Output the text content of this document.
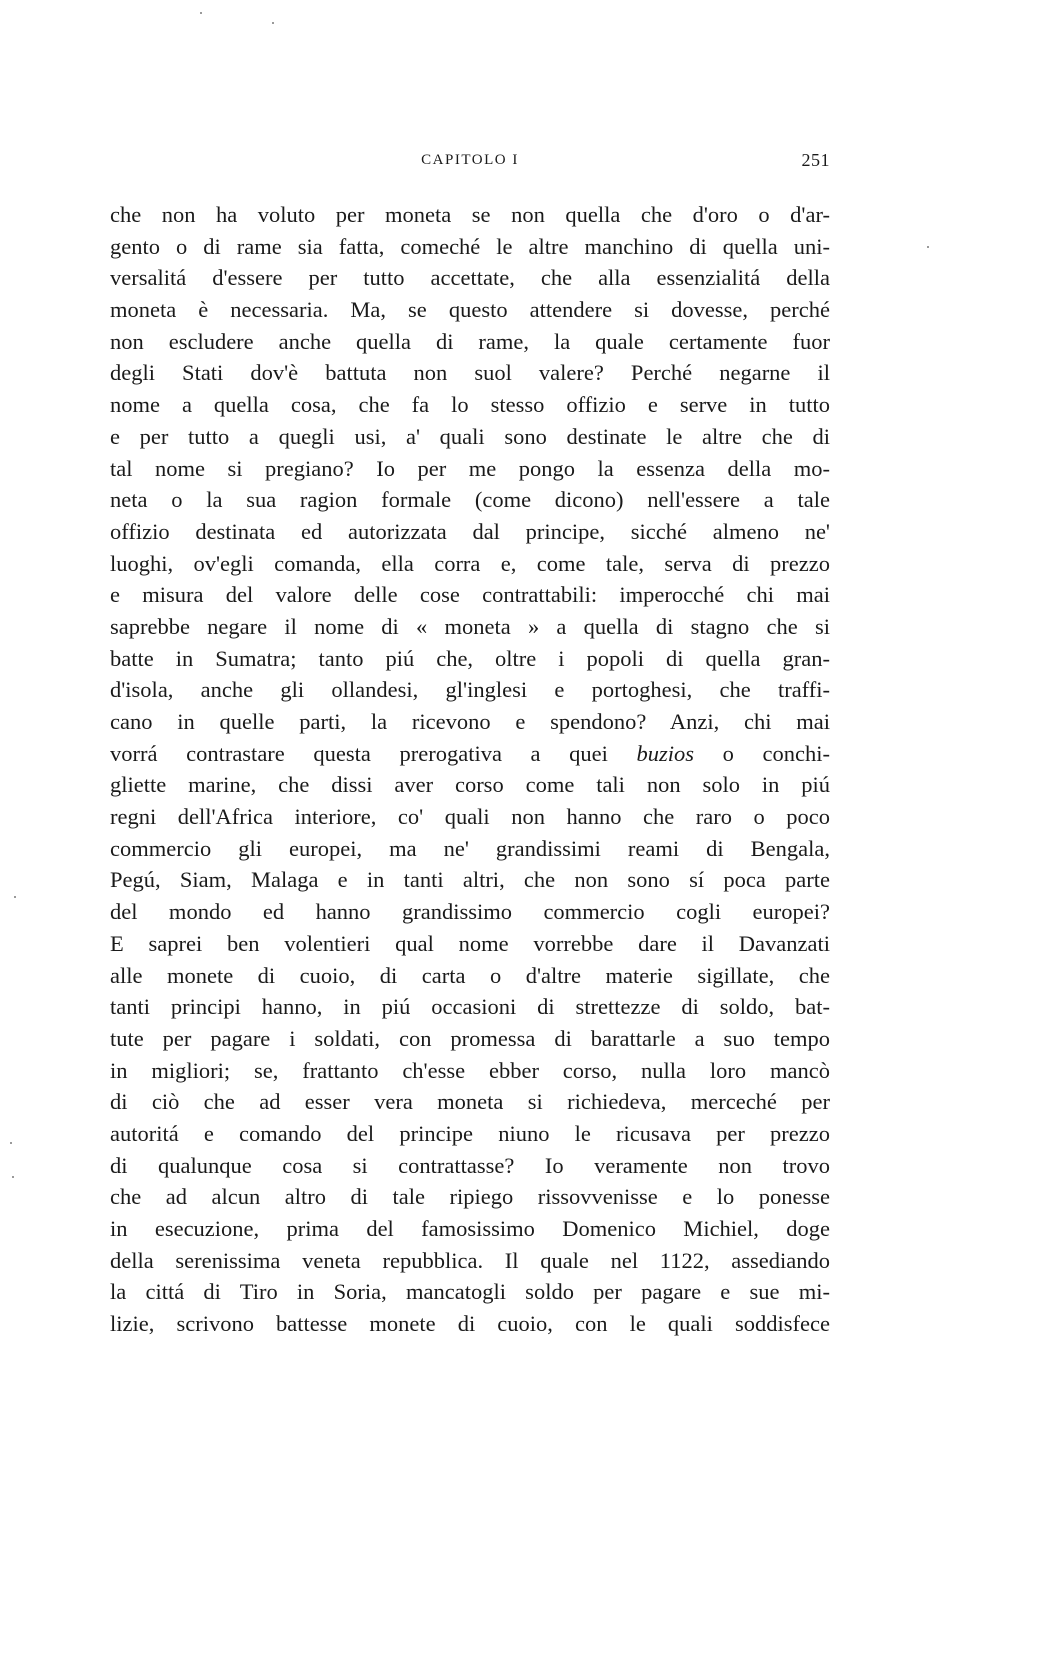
CAPITOLO I	251
che non ha voluto per moneta se non quella che d'oro o d'ar-
gento o di rame sia fatta, comeché le altre manchino di quella uni-
versalitá d'essere per tutto accettate, che alla essenzialitá della
moneta è necessaria. Ma, se questo attendere si dovesse, perché
non escludere anche quella di rame, la quale certamente fuor
degli Stati dov'è battuta non suol valere? Perché negarne il
nome a quella cosa, che fa lo stesso offizio e serve in tutto
e per tutto a quegli usi, a' quali sono destinate le altre che di
tal nome si pregiano? Io per me pongo la essenza della mo-
neta o la sua ragion formale (come dicono) nell'essere a tale
offizio destinata ed autorizzata dal principe, sicché almeno ne'
luoghi, ov'egli comanda, ella corra e, come tale, serva di prezzo
e misura del valore delle cose contrattabili: imperocché chi mai
saprebbe negare il nome di « moneta » a quella di stagno che si
batte in Sumatra; tanto piú che, oltre i popoli di quella gran-
d'isola, anche gli ollandesi, gl'inglesi e portoghesi, che traffi-
cano in quelle parti, la ricevono e spendono? Anzi, chi mai
vorrá contrastare questa prerogativa a quei buzios o conchi-
gliette marine, che dissi aver corso come tali non solo in piú
regni dell'Africa interiore, co' quali non hanno che raro o poco
commercio gli europei, ma ne' grandissimi reami di Bengala,
Pegú, Siam, Malaga e in tanti altri, che non sono sí poca parte
del mondo ed hanno grandissimo commercio cogli europei?
E saprei ben volentieri qual nome vorrebbe dare il Davanzati
alle monete di cuoio, di carta o d'altre materie sigillate, che
tanti principi hanno, in piú occasioni di strettezze di soldo, bat-
tute per pagare i soldati, con promessa di barattarle a suo tempo
in migliori; se, frattanto ch'esse ebber corso, nulla loro mancò
di ciò che ad esser vera moneta si richiedeva, merceché per
autoritá e comando del principe niuno le ricusava per prezzo
di qualunque cosa si contrattasse? Io veramente non trovo
che ad alcun altro di tale ripiego rissovvenisse e lo ponesse
in esecuzione, prima del famosissimo Domenico Michiel, doge
della serenissima veneta repubblica. Il quale nel 1122, assediando
la cittá di Tiro in Soria, mancatogli soldo per pagare e sue mi-
lizie, scrivono battesse monete di cuoio, con le quali soddisfece
